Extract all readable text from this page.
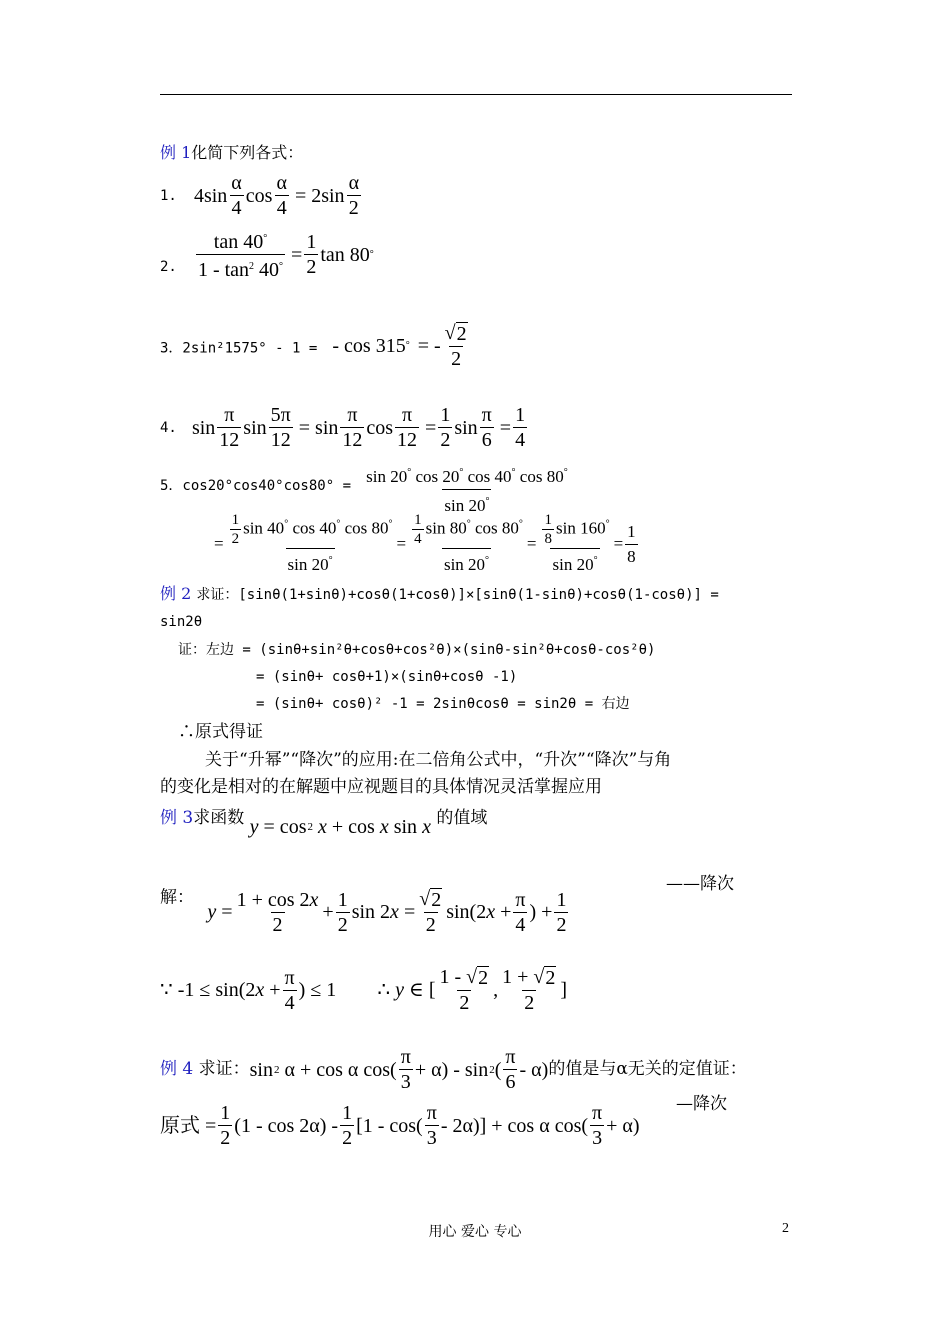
例 1化简下列各式：
1. $4\sin \frac{\alpha}{4}$ $\cos \frac{\alpha}{4} = 2\sin \frac{\alpha}{2}$
2. $\frac{\tan 40^\circ}{1 - \tan^2 40^\circ} = \frac{1}{2}$ tan 80 °
3．2sin²1575° - 1 = - cos 315 ° = - $\frac{√ 2}{2}$
4. $\sin \frac{\pi}{12}$ $\sin \frac{5\pi}{12} = \sin \frac{\pi}{12}$ $\cos \frac{\pi}{12} = \frac{1}{2}$ $\sin \frac{\pi}{6} = \frac{1}{4}$
5．$\cos 20^\circ\cos 40^\circ\cos 80^\circ = \frac{\sin 20^\circ \cos 20^\circ \cos 40^\circ \cos 80^\circ}{\sin 20^\circ}$
= $\frac{\frac{1}{2} \sin 40^\circ \cos 40^\circ \cos 80^\circ}{\sin 20^\circ} = \frac{\frac{1}{4} \sin 80^\circ \cos 80^\circ}{\sin 20^\circ} = \frac{\frac{1}{8} \sin 160^\circ}{\sin 20^\circ} = \frac{1}{8}$
例 2 求证：[sinθ(1+sinθ)+cosθ(1+cosθ)]×[sinθ(1-sinθ)+cosθ(1-cosθ)] =
sin2θ
证：左边 = (sinθ+sin²θ+cosθ+cos²θ)×(sinθ-sin²θ+cosθ-cos²θ)
= (sinθ+ cosθ+1)×(sinθ+cosθ -1)
= (sinθ+ cosθ)² -1 = 2sinθcosθ = sin2θ = 右边
∴原式得证
关于“升幂”“降次”的应用:在二倍角公式中，“升次”“降次”与角
的变化是相对的在解题中应视题目的具体情况灵活掌握应用
例 3求函数 y = cos 2
x + cos x sin x 的值域
解：
$y = \frac{1 + \cos 2x}{2} + \frac{1}{2}$ sin 2 $x = \frac{√ 2}{2} \sin(2$ $x + \frac{\pi}{4}$ ) + $\frac{1}{2}$
——降次
∵ -1 ≤ sin(2 $x + \frac{\pi}{4}$ ) ≤ 1 ∴ y ∈ [ $\frac{1 - √ 2}{2}$ , $\frac{1 + √ 2}{2}$ ]
例 4 求证：sin 2 α + cos α $\cos( \frac{\pi}{3} + \alpha) - \sin 2$ ( $\frac{\pi}{6} - \alpha$)的值是与α无关的定值证：
原式 = $\frac{1}{2} (1 - \cos 2\alpha) - \frac{1}{2} [1 - \cos( \frac{\pi}{3} - 2\alpha)] + \cos \alpha$ $\cos( \frac{\pi}{3} + \alpha)$
—降次
用心 爱心 专心	2
